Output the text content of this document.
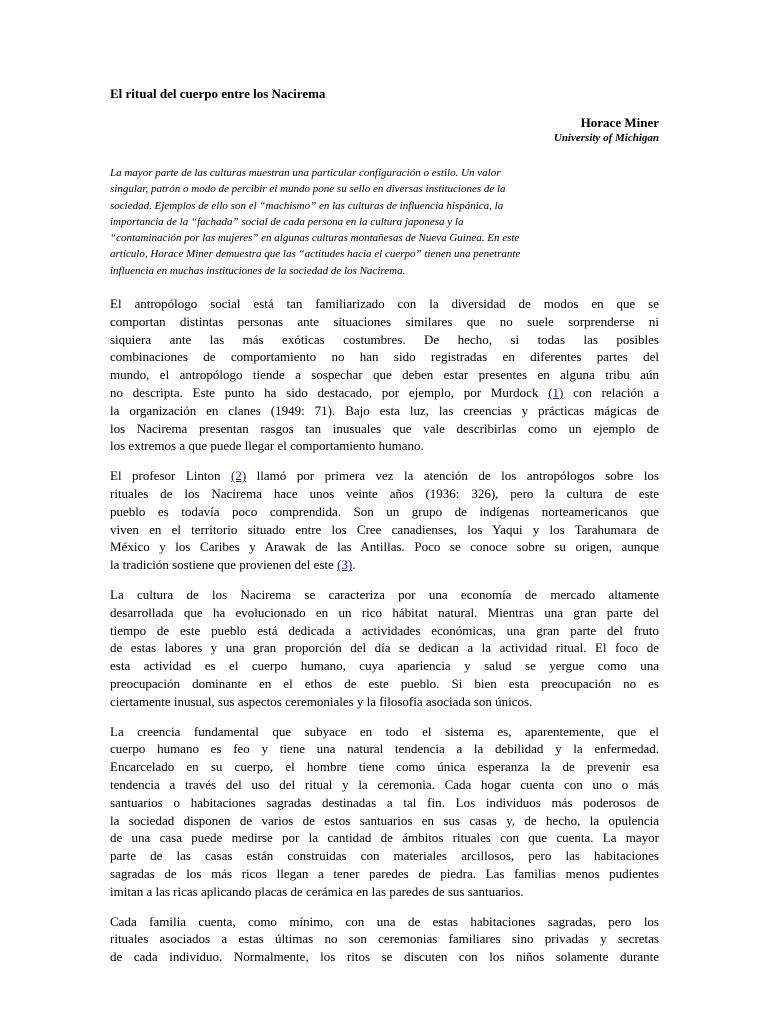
El ritual del cuerpo entre los Nacirema
Horace Miner
University of Michigan
La mayor parte de las culturas muestran una particular configuración o estilo. Un valor
singular, patrón o modo de percibir el mundo pone su sello en diversas instituciones de la
sociedad. Ejemplos de ello son el “machismo” en las culturas de influencia hispánica, la
importancia de la “fachada” social de cada persona en la cultura japonesa y la
“contaminación por las mujeres” en algunas culturas montañesas de Nueva Guinea. En este
artículo, Horace Miner demuestra que las “actitudes hacia el cuerpo” tienen una penetrante
influencia en muchas instituciones de la sociedad de los Nacirema.
El antropólogo social está tan familiarizado con la diversidad de modos en que se
comportan distintas personas ante situaciones similares que no suele sorprenderse ni
siquiera ante las más exóticas costumbres. De hecho, si todas las posibles
combinaciones de comportamiento no han sido registradas en diferentes partes del
mundo, el antropólogo tiende a sospechar que deben estar presentes en alguna tribu aún
no descripta. Este punto ha sido destacado, por ejemplo, por Murdock (1) con relación a
la organización en clanes (1949: 71). Bajo esta luz, las creencias y prácticas mágicas de
los Nacirema presentan rasgos tan inusuales que vale describirlas como un ejemplo de
los extremos a que puede llegar el comportamiento humano.
El profesor Linton (2) llamó por primera vez la atención de los antropólogos sobre los
rituales de los Nacirema hace unos veinte años (1936: 326), pero la cultura de este
pueblo es todavía poco comprendida. Son un grupo de indígenas norteamericanos que
viven en el territorio situado entre los Cree canadienses, los Yaqui y los Tarahumara de
México y los Caribes y Arawak de las Antillas. Poco se conoce sobre su origen, aunque
la tradición sostiene que provienen del este (3).
La cultura de los Nacirema se caracteriza por una economía de mercado altamente
desarrollada que ha evolucionado en un rico hábitat natural. Mientras una gran parte del
tiempo de este pueblo está dedicada a actividades económicas, una gran parte del fruto
de estas labores y una gran proporción del día se dedican a la actividad ritual. El foco de
esta actividad es el cuerpo humano, cuya apariencia y salud se yergue como una
preocupación dominante en el ethos de este pueblo. Si bien esta preocupación no es
ciertamente inusual, sus aspectos ceremoniales y la filosofía asociada son únicos.
La creencia fundamental que subyace en todo el sistema es, aparentemente, que el
cuerpo humano es feo y tiene una natural tendencia a la debilidad y la enfermedad.
Encarcelado en su cuerpo, el hombre tiene como única esperanza la de prevenir esa
tendencia a través del uso del ritual y la ceremonia. Cada hogar cuenta con uno o más
santuarios o habitaciones sagradas destinadas a tal fin. Los individuos más poderosos de
la sociedad disponen de varios de estos santuarios en sus casas y, de hecho, la opulencia
de una casa puede medirse por la cantidad de ámbitos rituales con que cuenta. La mayor
parte de las casas están construidas con materiales arcillosos, pero las habitaciones
sagradas de los más ricos llegan a tener paredes de piedra. Las familias menos pudientes
imitan a las ricas aplicando placas de cerámica en las paredes de sus santuarios.
Cada familia cuenta, como mínimo, con una de estas habitaciones sagradas, pero los
rituales asociados a estas últimas no son ceremonias familiares sino privadas y secretas
de cada individuo. Normalmente, los ritos se discuten con los niños solamente durante
